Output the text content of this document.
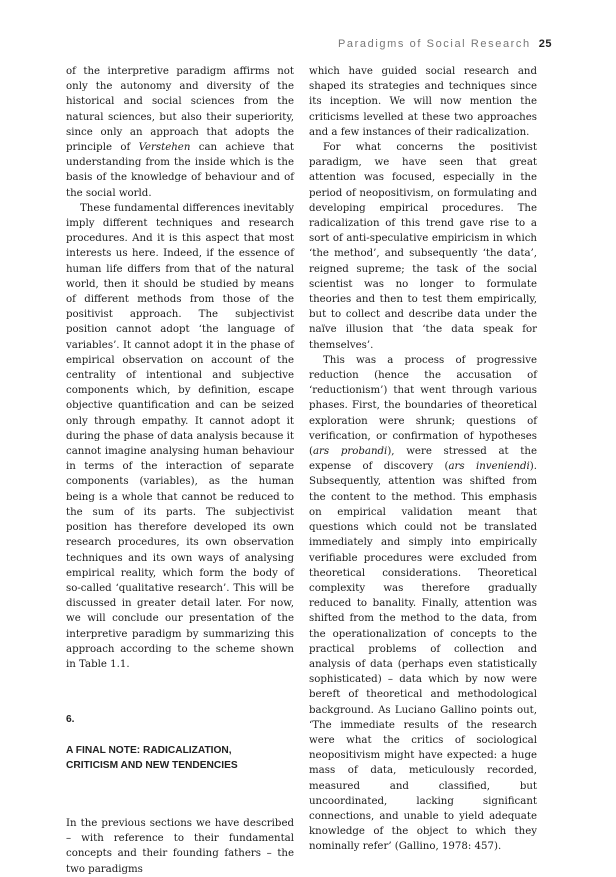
Paradigms of Social Research 25

of the interpretive paradigm affirms not only the autonomy and diversity of the historical and social sciences from the natural sciences, but also their superiority, since only an approach that adopts the principle of Verstehen can achieve that understanding from the inside which is the basis of the knowledge of behaviour and of the social world.

These fundamental differences inevitably imply different techniques and research procedures. And it is this aspect that most interests us here. Indeed, if the essence of human life differs from that of the natural world, then it should be studied by means of different methods from those of the positivist approach. The subjectivist position cannot adopt ‘the language of variables’. It cannot adopt it in the phase of empirical observation on account of the centrality of intentional and subjective components which, by definition, escape objective quantification and can be seized only through empathy. It cannot adopt it during the phase of data analysis because it cannot imagine analysing human behaviour in terms of the interaction of separate components (variables), as the human being is a whole that cannot be reduced to the sum of its parts. The subjectivist position has therefore developed its own research procedures, its own observation techniques and its own ways of analysing empirical reality, which form the body of so-called ‘qualitative research’. This will be discussed in greater detail later. For now, we will conclude our presentation of the interpretive paradigm by summarizing this approach according to the scheme shown in Table 1.1.

6.

A FINAL NOTE: RADICALIZATION,
CRITICISM AND NEW TENDENCIES

In the previous sections we have described – with reference to their fundamental concepts and their founding fathers – the two paradigms

which have guided social research and shaped its strategies and techniques since its inception. We will now mention the criticisms levelled at these two approaches and a few instances of their radicalization.

For what concerns the positivist paradigm, we have seen that great attention was focused, especially in the period of neopositivism, on formulating and developing empirical procedures. The radicalization of this trend gave rise to a sort of anti-speculative empiricism in which ‘the method’, and subsequently ‘the data’, reigned supreme; the task of the social scientist was no longer to formulate theories and then to test them empirically, but to collect and describe data under the naïve illusion that ‘the data speak for themselves’.

This was a process of progressive reduction (hence the accusation of ‘reductionism’) that went through various phases. First, the boundaries of theoretical exploration were shrunk; questions of verification, or confirmation of hypotheses (ars probandi), were stressed at the expense of discovery (ars inveniendi). Subsequently, attention was shifted from the content to the method. This emphasis on empirical validation meant that questions which could not be translated immediately and simply into empirically verifiable procedures were excluded from theoretical considerations. Theoretical complexity was therefore gradually reduced to banality. Finally, attention was shifted from the method to the data, from the operationalization of concepts to the practical problems of collection and analysis of data (perhaps even statistically sophisticated) – data which by now were bereft of theoretical and methodological background. As Luciano Gallino points out, ‘The immediate results of the research were what the critics of sociological neopositivism might have expected: a huge mass of data, meticulously recorded, measured and classified, but uncoordinated, lacking significant connections, and unable to yield adequate knowledge of the object to which they nominally refer’ (Gallino, 1978: 457).
